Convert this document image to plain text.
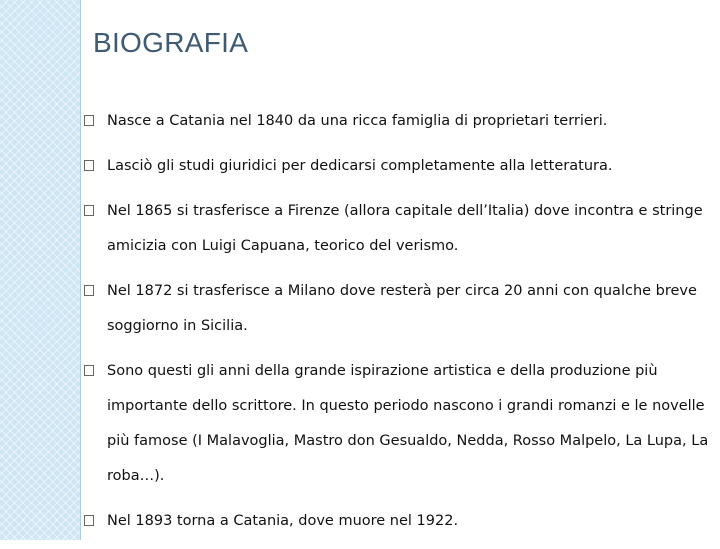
BIOGRAFIA
Nasce a Catania nel 1840 da una ricca famiglia di proprietari terrieri.
Lasciò gli studi giuridici per dedicarsi completamente alla letteratura.
Nel 1865 si trasferisce a Firenze (allora capitale dell’Italia) dove incontra e stringe amicizia con Luigi Capuana, teorico del verismo.
Nel 1872 si trasferisce a Milano dove resterà per circa 20 anni con qualche breve soggiorno in Sicilia.
Sono questi gli anni della grande ispirazione artistica e della produzione più importante dello scrittore. In questo periodo nascono i grandi romanzi e le novelle più famose (I Malavoglia, Mastro don Gesualdo, Nedda, Rosso Malpelo, La Lupa, La roba…).
Nel 1893 torna a Catania, dove muore nel 1922.
